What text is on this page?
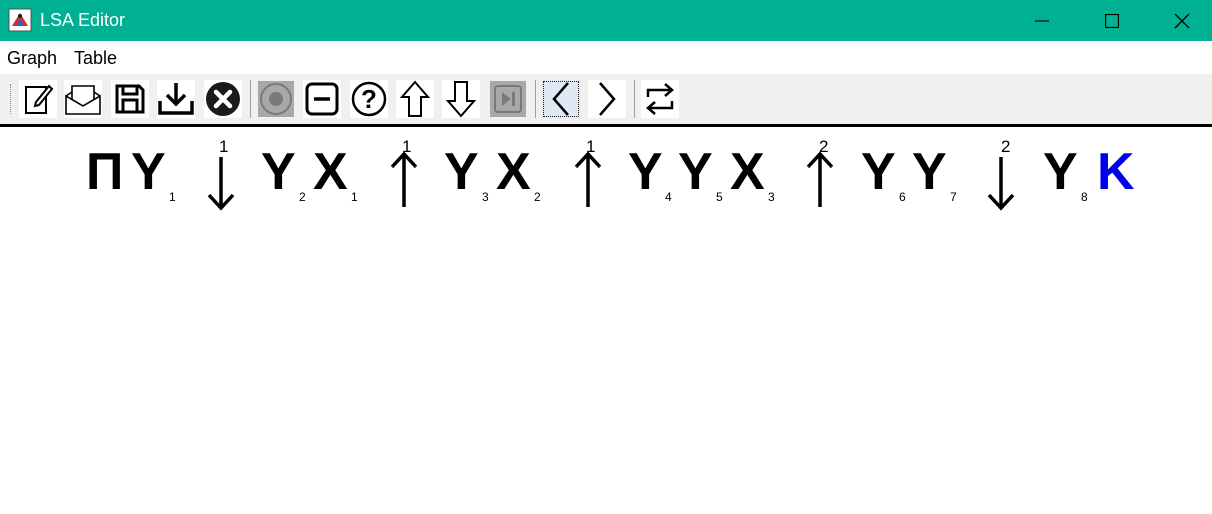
LSA Editor
Graph Table
?
П Y 1
1 Y 2 X 1
1 Y 3 X 2
1 Y 4 Y 5 X 3
2 Y 6 Y 7
2 Y 8 K
